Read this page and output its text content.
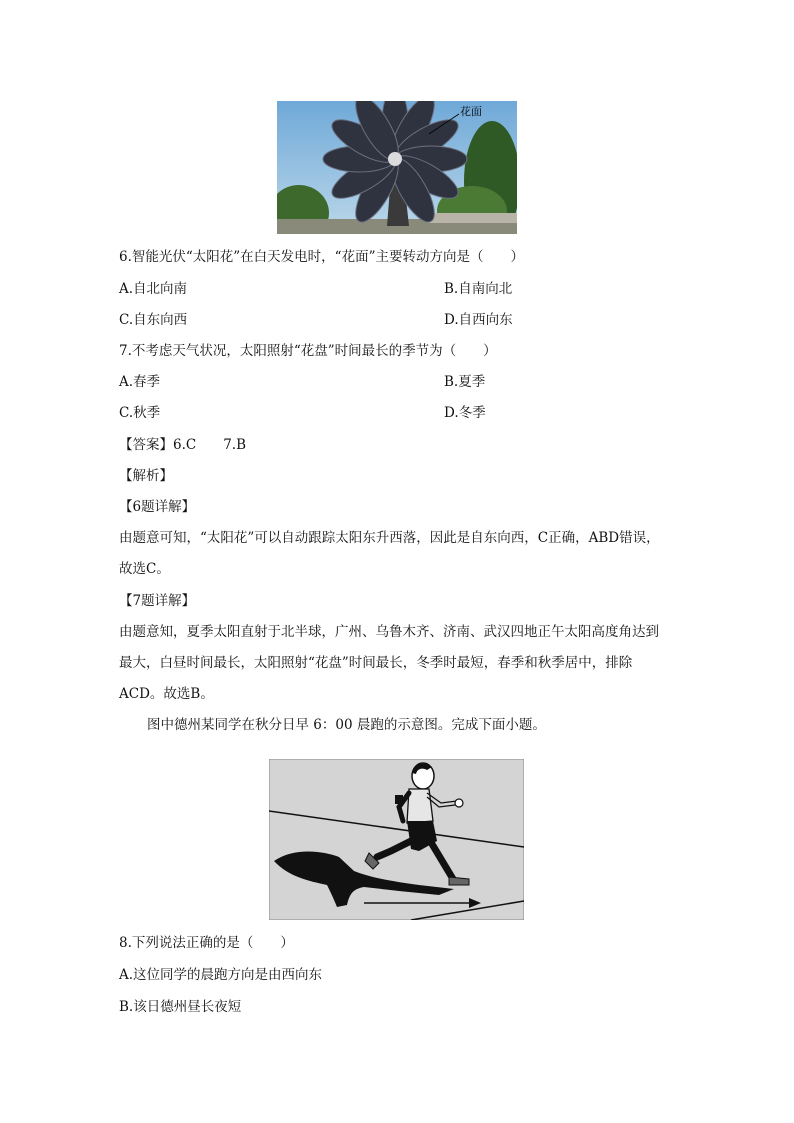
花面
6.智能光伏“太阳花”在白天发电时，“花面”主要转动方向是（　　）
A.自北向南	B.自南向北
C.自东向西	D.自西向东
7.不考虑天气状况，太阳照射“花盘”时间最长的季节为（　　）
A.春季	B.夏季
C.秋季	D.冬季
【答案】6.C　　7.B
【解析】
【6题详解】
由题意可知，“太阳花”可以自动跟踪太阳东升西落，因此是自东向西，C正确，ABD错误，
故选C。
【7题详解】
由题意知，夏季太阳直射于北半球，广州、乌鲁木齐、济南、武汉四地正午太阳高度角达到
最大，白昼时间最长，太阳照射“花盘”时间最长，冬季时最短，春季和秋季居中，排除
ACD。故选B。
图中德州某同学在秋分日早 6：00 晨跑的示意图。完成下面小题。
8.下列说法正确的是（　　）
A.这位同学的晨跑方向是由西向东
B.该日德州昼长夜短
